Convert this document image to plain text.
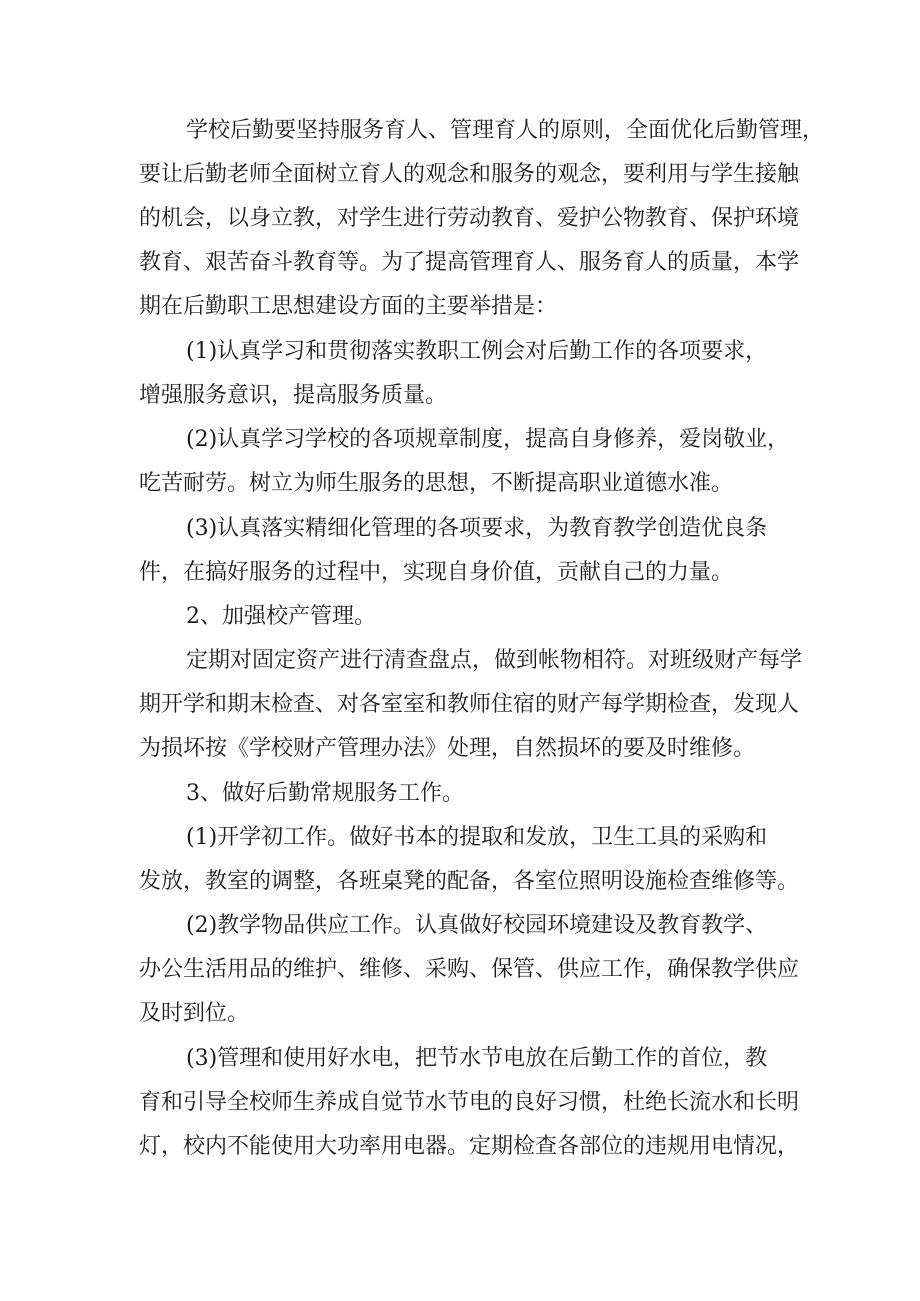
学校后勤要坚持服务育人、管理育人的原则，全面优化后勤管理，
要让后勤老师全面树立育人的观念和服务的观念，要利用与学生接触
的机会，以身立教，对学生进行劳动教育、爱护公物教育、保护环境
教育、艰苦奋斗教育等。为了提高管理育人、服务育人的质量，本学
期在后勤职工思想建设方面的主要举措是：
(1)认真学习和贯彻落实教职工例会对后勤工作的各项要求，
增强服务意识，提高服务质量。
(2)认真学习学校的各项规章制度，提高自身修养，爱岗敬业，
吃苦耐劳。树立为师生服务的思想，不断提高职业道德水准。
(3)认真落实精细化管理的各项要求，为教育教学创造优良条
件，在搞好服务的过程中，实现自身价值，贡献自己的力量。
2、加强校产管理。
定期对固定资产进行清查盘点，做到帐物相符。对班级财产每学
期开学和期末检查、对各室室和教师住宿的财产每学期检查，发现人
为损坏按《学校财产管理办法》处理，自然损坏的要及时维修。
3、做好后勤常规服务工作。
(1)开学初工作。做好书本的提取和发放，卫生工具的采购和
发放，教室的调整，各班桌凳的配备，各室位照明设施检查维修等。
(2)教学物品供应工作。认真做好校园环境建设及教育教学、
办公生活用品的维护、维修、采购、保管、供应工作，确保教学供应
及时到位。
(3)管理和使用好水电，把节水节电放在后勤工作的首位，教
育和引导全校师生养成自觉节水节电的良好习惯，杜绝长流水和长明
灯，校内不能使用大功率用电器。定期检查各部位的违规用电情况，
